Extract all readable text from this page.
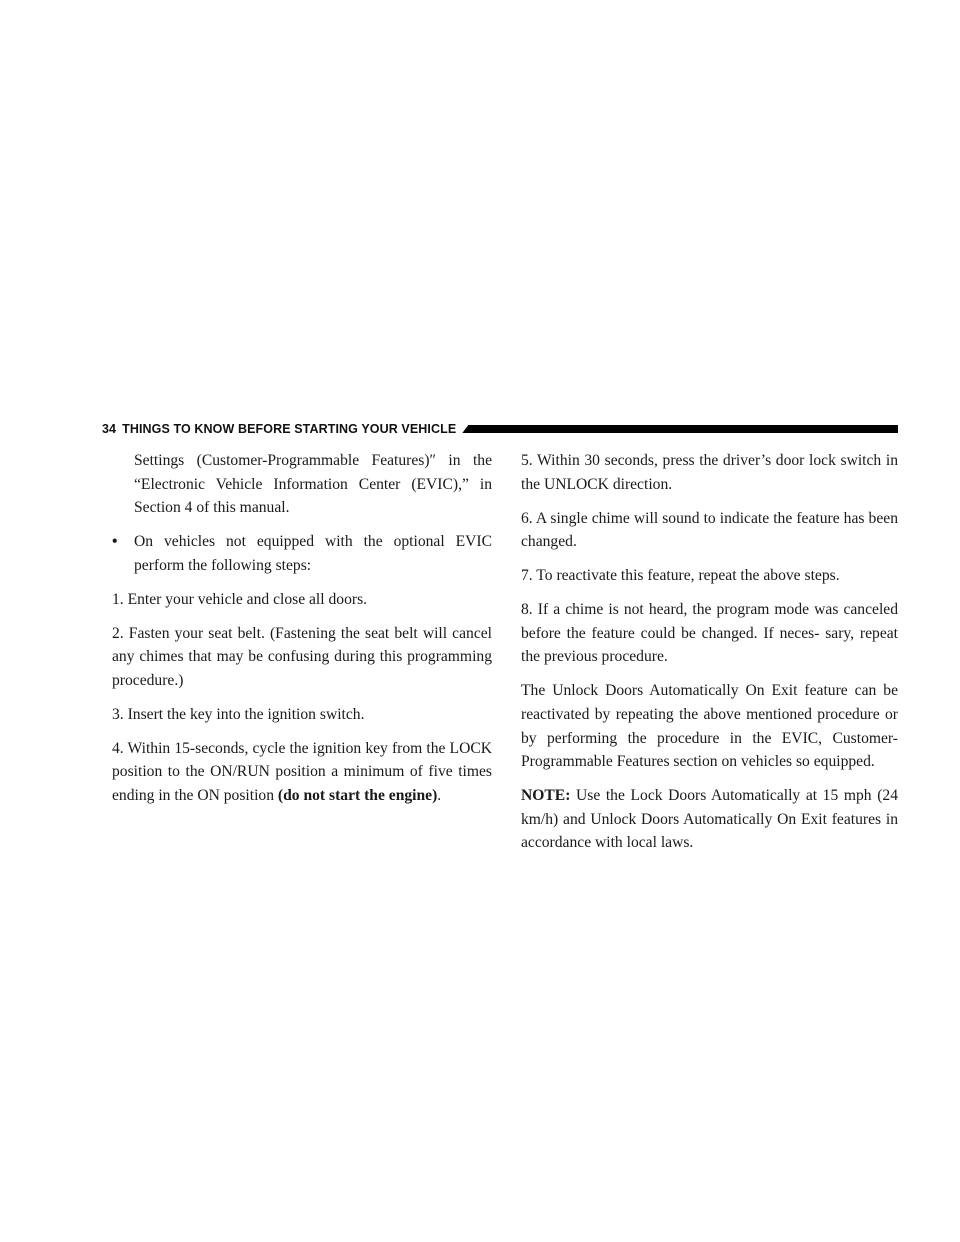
34 THINGS TO KNOW BEFORE STARTING YOUR VEHICLE

Settings (Customer-Programmable Features)″ in the “Electronic Vehicle Information Center (EVIC),” in Section 4 of this manual.

•	On vehicles not equipped with the optional EVIC perform the following steps:

1. Enter your vehicle and close all doors.

2. Fasten your seat belt. (Fastening the seat belt will cancel any chimes that may be confusing during this programming procedure.)

3. Insert the key into the ignition switch.

4. Within 15-seconds, cycle the ignition key from the LOCK position to the ON/RUN position a minimum of five times ending in the ON position (do not start the engine).

5. Within 30 seconds, press the driver’s door lock switch in the UNLOCK direction.

6. A single chime will sound to indicate the feature has been changed.

7. To reactivate this feature, repeat the above steps.

8. If a chime is not heard, the program mode was canceled before the feature could be changed. If neces- sary, repeat the previous procedure.

The Unlock Doors Automatically On Exit feature can be reactivated by repeating the above mentioned procedure or by performing the procedure in the EVIC, Customer- Programmable Features section on vehicles so equipped.

NOTE: Use the Lock Doors Automatically at 15 mph (24 km/h) and Unlock Doors Automatically On Exit features in accordance with local laws.
